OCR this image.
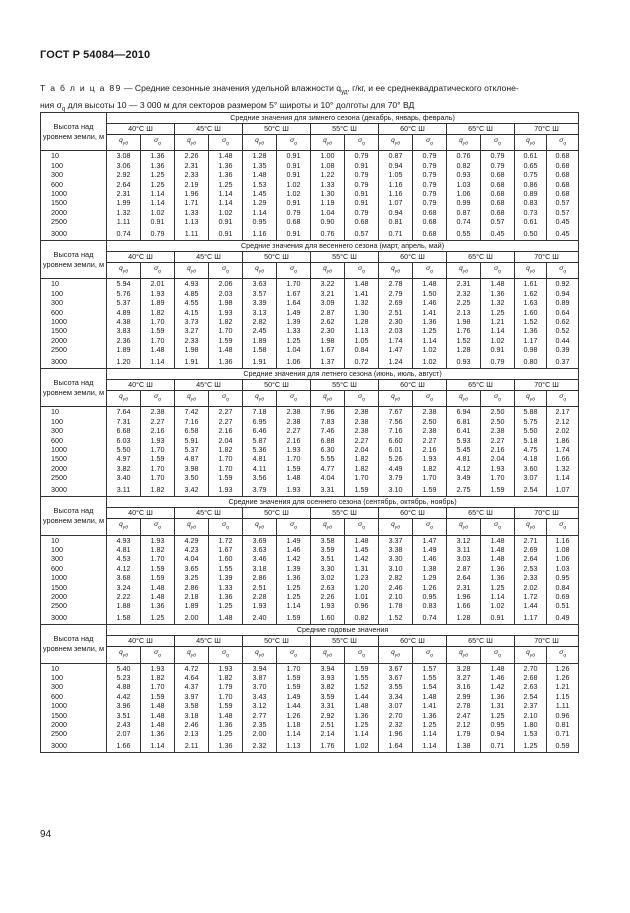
ГОСТ Р 54084—2010
Т а б л и ц а 89 — Средние сезонные значения удельной влажности $q_{уд}$, г/кг, и ее среднеквадратического отклоне-
ния $\sigma_q$ для высоты 10 — 3 000 м для секторов размером 5° широты и 10° долготы для 70° ВД
Высота над уровнем земли, м	Средние значения для зимнего сезона (декабрь, январь, февраль)													
	40°С Ш		45°С Ш		50°С Ш		55°С Ш		60°С Ш		65°С Ш		70°С Ш	
	$q_{уд}$	$\sigma_q$	$q_{уд}$	$\sigma_q$	$q_{уд}$	$\sigma_q$	$q_{уд}$	$\sigma_q$	$q_{уд}$	$\sigma_q$	$q_{уд}$	$\sigma_q$	$q_{уд}$	$\sigma_q$
10	3.08	1.36	2.26	1.48	1.28	0.91	1.00	0.79	0.87	0.79	0.76	0.79	0.61	0.68
100	3.06	1.36	2.31	1.36	1.35	0.91	1.08	0.91	0.94	0.79	0.82	0.79	0.65	0.68
300	2.92	1.25	2.33	1.36	1.48	0.91	1.22	0.79	1.05	0.79	0.93	0.68	0.75	0.68
600	2.64	1.25	2.19	1.25	1.53	1.02	1.33	0.79	1.16	0.79	1.03	0.68	0.86	0.68
1000	2.31	1.14	1.96	1.14	1.45	1.02	1.30	0.91	1.16	0.79	1.06	0.68	0.89	0.68
1500	1.99	1.14	1.71	1.14	1.29	0.91	1.19	0.91	1.07	0.79	0.99	0.68	0.83	0.57
2000	1.32	1.02	1.33	1.02	1.14	0.79	1.04	0.79	0.94	0.68	0.87	0.68	0.73	0.57
2500	1.11	0.91	1.13	0.91	0.95	0.68	0.90	0.68	0.81	0.68	0.74	0.57	0.61	0.45
3000	0.74	0.79	1.11	0.91	1.16	0.91	0.76	0.57	0.71	0.68	0.55	0.45	0.50	0.45
Высота над уровнем земли, м	Средние значения для весеннего сезона (март, апрель, май)													
	40°С Ш		45°С Ш		50°С Ш		55°С Ш		60°С Ш		65°С Ш		70°С Ш	
	$q_{уд}$	$\sigma_q$	$q_{уд}$	$\sigma_q$	$q_{уд}$	$\sigma_q$	$q_{уд}$	$\sigma_q$	$q_{уд}$	$\sigma_q$	$q_{уд}$	$\sigma_q$	$q_{уд}$	$\sigma_q$
10	5.94	2.01	4.93	2.06	3.63	1.70	3.22	1.48	2.78	1.48	2.31	1.48	1.61	0.92
100	5.76	1.93	4.85	2.03	3.57	1.67	3.21	1.41	2.79	1.50	2.32	1.36	1.62	0.94
300	5.37	1.89	4.55	1.98	3.39	1.64	3.09	1.32	2.69	1.46	2.25	1.32	1.63	0.89
600	4.89	1.82	4.15	1.93	3.13	1.49	2.87	1.30	2.51	1.41	2.13	1.25	1.60	0.64
1000	4.38	1.70	3.73	1.82	2.82	1.39	2.62	1.28	2.30	1.36	1.98	1.21	1.52	0.62
1500	3.83	1.59	3.27	1.70	2.45	1.33	2.30	1.13	2.03	1.25	1.76	1.14	1.36	0.52
2000	2.36	1.70	2.33	1.59	1.89	1.25	1.98	1.05	1.74	1.14	1.52	1.02	1.17	0.44
2500	1.89	1.48	1.98	1.48	1.58	1.04	1.67	0.84	1.47	1.02	1.28	0.91	0.98	0.39
3000	1.20	1.14	1.91	1.36	1.91	1.06	1.37	0.72	1.24	1.02	0.93	0.79	0.80	0.37
Высота над уровнем земли, м	Средние значения для летнего сезона (июнь, июль, август)													
	40°С Ш		45°С Ш		50°С Ш		55°С Ш		60°С Ш		65°С Ш		70°С Ш	
	$q_{уд}$	$\sigma_q$	$q_{уд}$	$\sigma_q$	$q_{уд}$	$\sigma_q$	$q_{уд}$	$\sigma_q$	$q_{уд}$	$\sigma_q$	$q_{уд}$	$\sigma_q$	$q_{уд}$	$\sigma_q$
10	7.64	2.38	7.42	2.27	7.18	2.38	7.96	2.38	7.67	2.38	6.94	2.50	5.88	2.17
100	7.31	2.27	7.16	2.27	6.95	2.38	7.83	2.38	7.56	2.50	6.81	2.50	5.75	2.12
300	6.68	2.16	6.58	2.16	6.46	2.27	7.46	2.38	7.16	2.38	6.41	2.38	5.50	2.02
600	6.03	1.93	5.91	2.04	5.87	2.16	6.88	2.27	6.60	2.27	5.93	2.27	5.18	1.86
1000	5.50	1.70	5.37	1.82	5.36	1.93	6.30	2.04	6.01	2.16	5.45	2.16	4.75	1.74
1500	4.97	1.59	4.87	1.70	4.81	1.70	5.55	1.82	5.26	1.93	4.81	2.04	4.18	1.66
2000	3.82	1.70	3.98	1.70	4.11	1.59	4.77	1.82	4.49	1.82	4.12	1.93	3.60	1.32
2500	3.40	1.70	3.50	1.59	3.56	1.48	4.04	1.70	3.79	1.70	3.49	1.70	3.07	1.14
3000	3.11	1.82	3.42	1.93	3.79	1.93	3.31	1.59	3.10	1.59	2.75	1.59	2.54	1.07
Высота над уровнем земли, м	Средние значения для осеннего сезона (сентябрь, октябрь, ноябрь)													
	40°С Ш		45°С Ш		50°С Ш		55°С Ш		60°С Ш		65°С Ш		70°С Ш	
	$q_{уд}$	$\sigma_q$	$q_{уд}$	$\sigma_q$	$q_{уд}$	$\sigma_q$	$q_{уд}$	$\sigma_q$	$q_{уд}$	$\sigma_q$	$q_{уд}$	$\sigma_q$	$q_{уд}$	$\sigma_q$
10	4.93	1.93	4.29	1.72	3.69	1.49	3.58	1.48	3.37	1.47	3.12	1.48	2.71	1.16
100	4.81	1.82	4.23	1.67	3.63	1.46	3.59	1.45	3.38	1.49	3.11	1.48	2.69	1.08
300	4.53	1.70	4.04	1.60	3.46	1.42	3.51	1.42	3.30	1.46	3.03	1.48	2.64	1.06
600	4.12	1.59	3.65	1.55	3.18	1.39	3.30	1.31	3.10	1.38	2.87	1.36	2.53	1.03
1000	3.68	1.59	3.25	1.39	2.86	1.36	3.02	1.23	2.82	1.29	2.64	1.36	2.33	0.95
1500	3.24	1.48	2.86	1.33	2.51	1.25	2.63	1.20	2.46	1.26	2.31	1.25	2.02	0.84
2000	2.22	1.48	2.18	1.36	2.28	1.25	2.26	1.01	2.10	0.95	1.96	1.14	1.72	0.69
2500	1.88	1.36	1.89	1.25	1.93	1.14	1.93	0.96	1.78	0.83	1.66	1.02	1.44	0.51
3000	1.58	1.25	2.00	1.48	2.40	1.59	1.60	0.82	1.52	0.74	1.28	0.91	1.17	0.49
Высота над уровнем земли, м	Средние годовые значения													
	40°С Ш		45°С Ш		50°С Ш		55°С Ш		60°С Ш		65°С Ш		70°С Ш	
	$q_{уд}$	$\sigma_q$	$q_{уд}$	$\sigma_q$	$q_{уд}$	$\sigma_q$	$q_{уд}$	$\sigma_q$	$q_{уд}$	$\sigma_q$	$q_{уд}$	$\sigma_q$	$q_{уд}$	$\sigma_q$
10	5.40	1.93	4.72	1.93	3.94	1.70	3.94	1.59	3.67	1.57	3.28	1.48	2.70	1.26
100	5.23	1.82	4.64	1.82	3.87	1.59	3.93	1.55	3.67	1.55	3.27	1.46	2.68	1.26
300	4.88	1.70	4.37	1.79	3.70	1.59	3.82	1.52	3.55	1.54	3.16	1.42	2.63	1.21
600	4.42	1.59	3.97	1.70	3.43	1.49	3.59	1.44	3.34	1.48	2.99	1.36	2.54	1.15
1000	3.96	1.48	3.58	1.59	3.12	1.44	3.31	1.48	3.07	1.41	2.78	1.31	2.37	1.11
1500	3.51	1.48	3.18	1.48	2.77	1.26	2.92	1.36	2.70	1.36	2.47	1.25	2.10	0.96
2000	2.43	1.48	2.46	1.36	2.35	1.18	2.51	1.25	2.32	1.25	2.12	0.95	1.80	0.81
2500	2.07	1.36	2.13	1.25	2.00	1.14	2.14	1.14	1.96	1.14	1.79	0.94	1.53	0.71
3000	1.66	1.14	2.11	1.36	2.32	1.13	1.76	1.02	1.64	1.14	1.38	0.71	1.25	0.59
94
